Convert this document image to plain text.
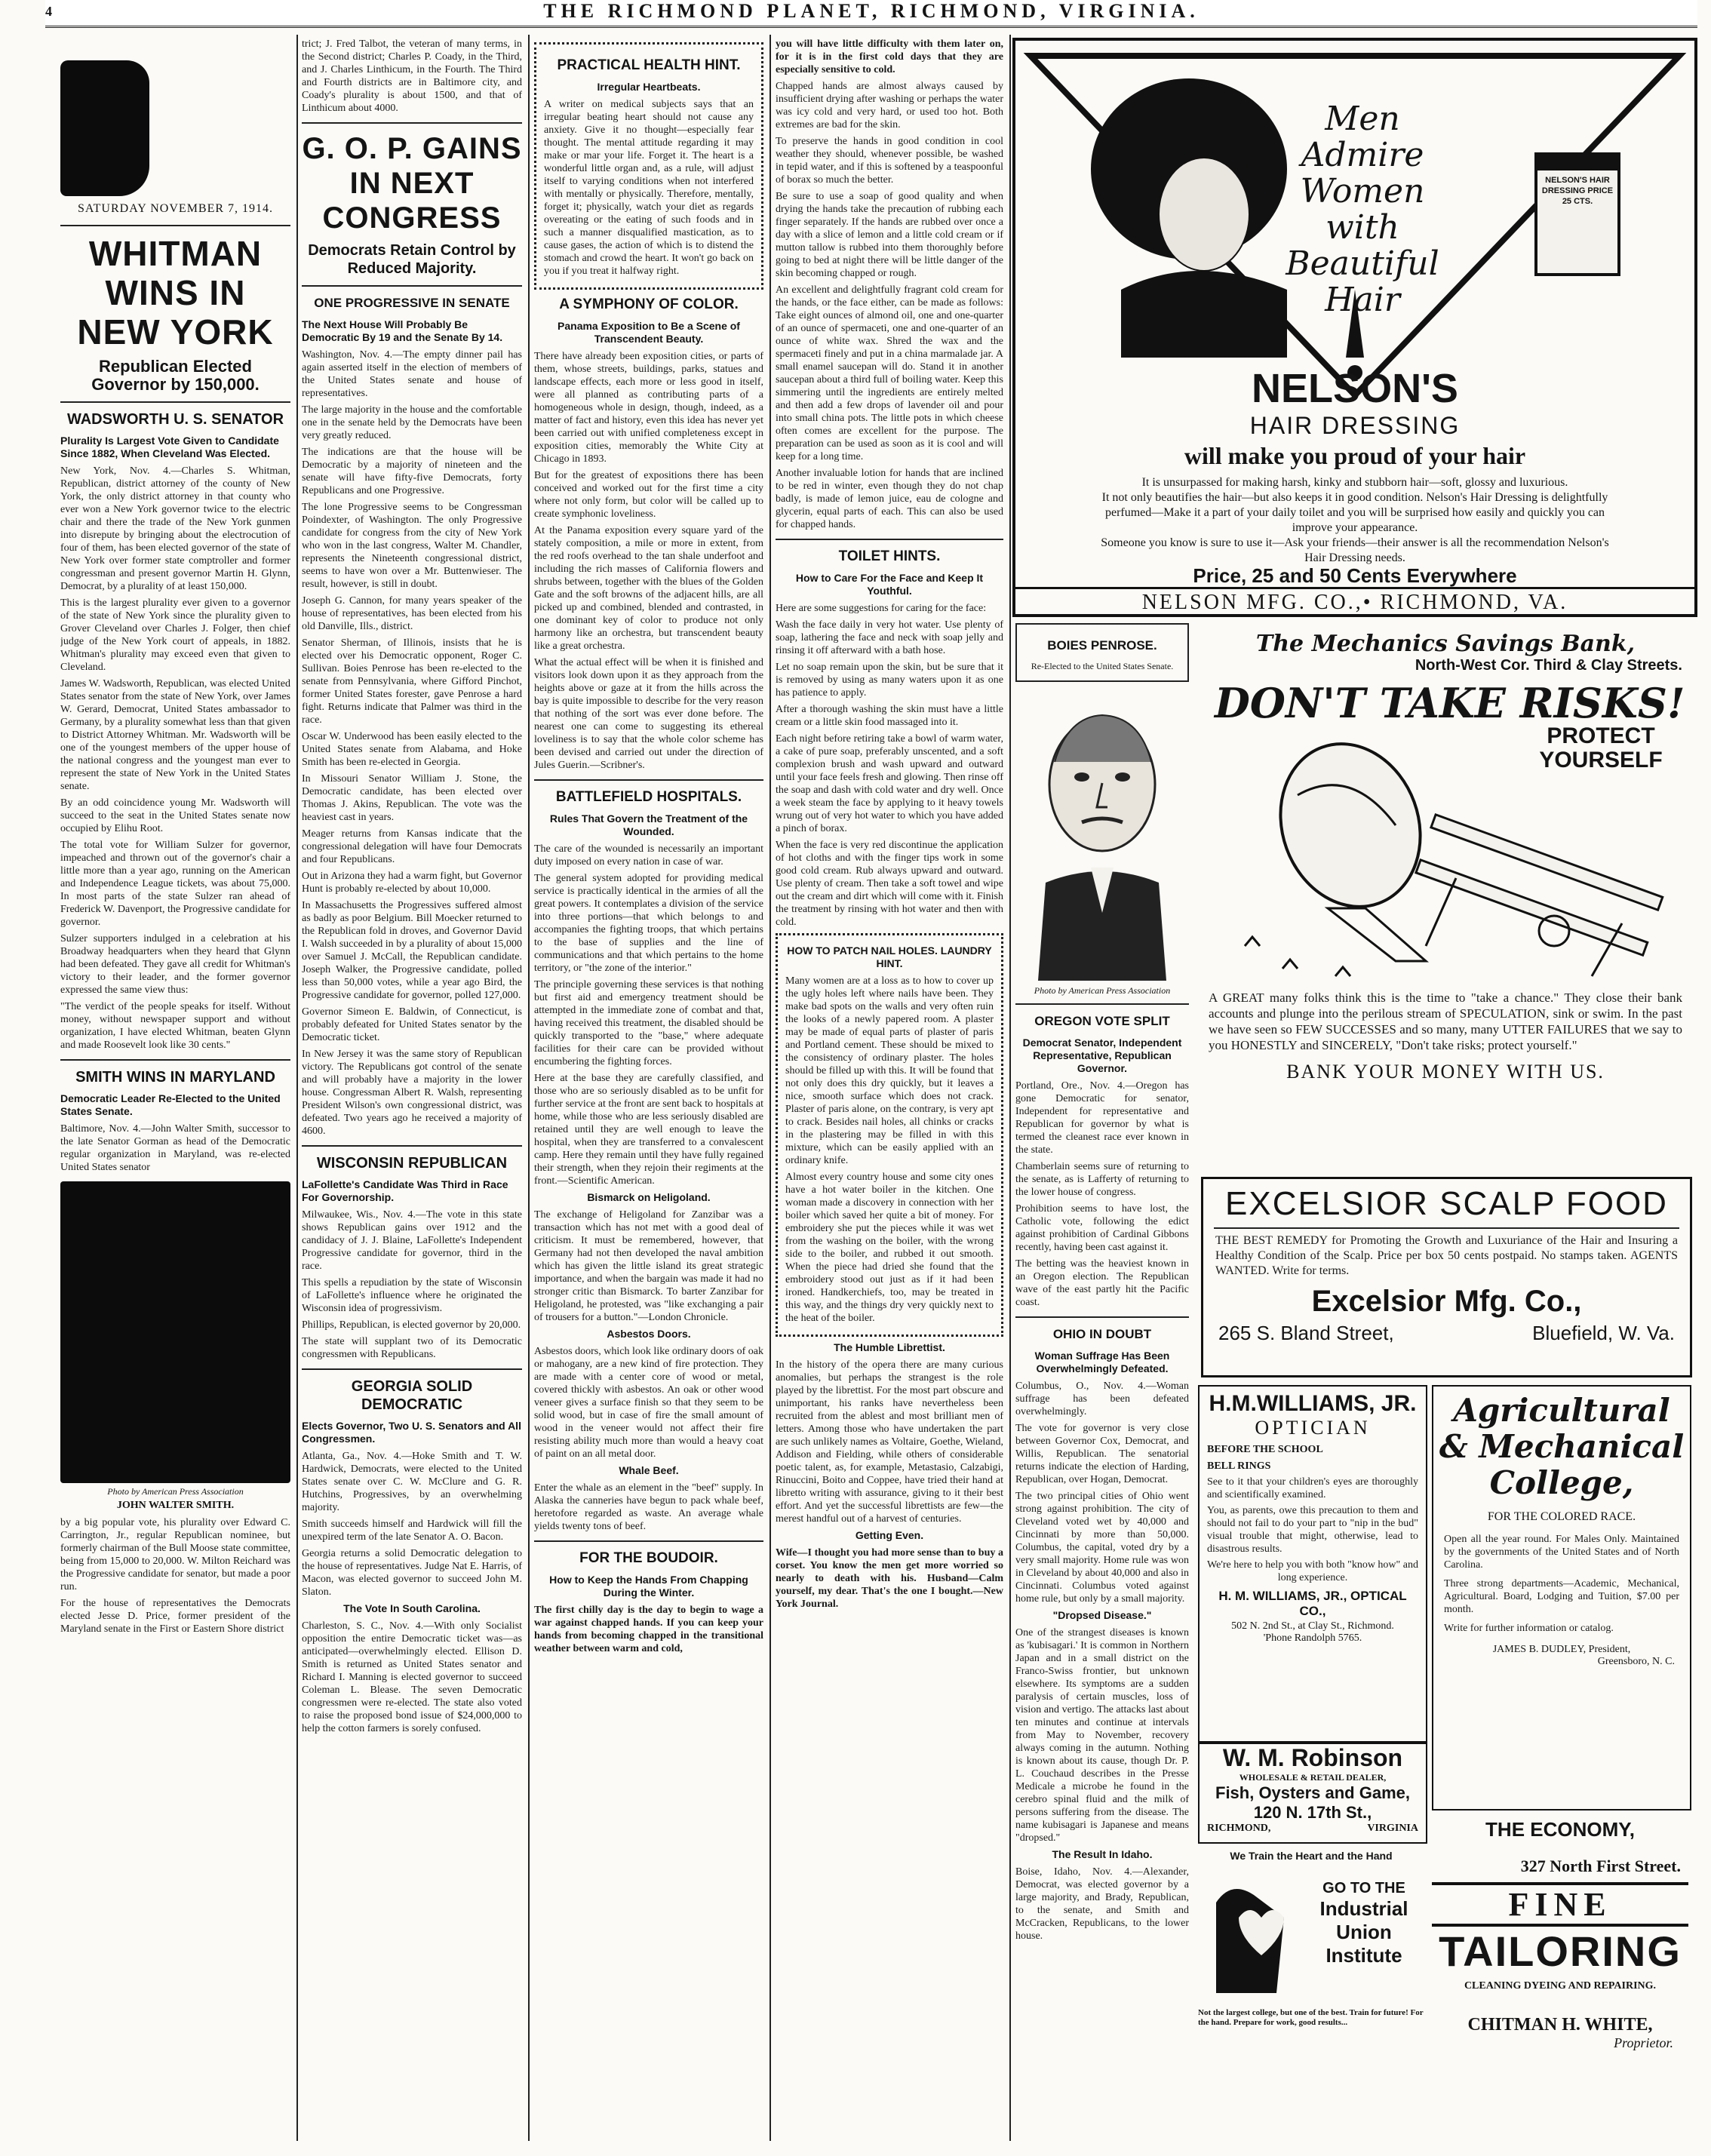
4	THE RICHMOND PLANET, RICHMOND, VIRGINIA.
SATURDAY NOVEMBER 7, 1914.
WHITMAN WINS IN NEW YORK
Republican Elected Governor by 150,000.
WADSWORTH U. S. SENATOR
Plurality Is Largest Vote Given to Candidate Since 1882, When Cleveland Was Elected.

New York, Nov. 4.—Charles S. Whitman, Republican, district attorney of the county of New York, the only district attorney in that county who ever won a New York governor twice to the electric chair and there the trade of the New York gunmen into disrepute by bringing about the electrocution of four of them, has been elected governor of the state of New York over former state comptroller and former congressman and present governor Martin H. Glynn, Democrat, by a plurality of at least 150,000.

This is the largest plurality ever given to a governor of the state of New York since the plurality given to Grover Cleveland over Charles J. Folger, then chief judge of the New York court of appeals, in 1882. Whitman's plurality may exceed even that given to Cleveland.

James W. Wadsworth, Republican, was elected United States senator from the state of New York, over James W. Gerard, Democrat, United States ambassador to Germany, by a plurality somewhat less than that given to District Attorney Whitman. Mr. Wadsworth will be one of the youngest members of the upper house of the national congress and the youngest man ever to represent the state of New York in the United States senate.

By an odd coincidence young Mr. Wadsworth will succeed to the seat in the United States senate now occupied by Elihu Root.

The total vote for William Sulzer for governor, impeached and thrown out of the governor's chair a little more than a year ago, running on the American and Independence League tickets, was about 75,000. In most parts of the state Sulzer ran ahead of Frederick W. Davenport, the Progressive candidate for governor.

Sulzer supporters indulged in a celebration at his Broadway headquarters when they heard that Glynn had been defeated. They gave all credit for Whitman's victory to their leader, and the former governor expressed the same view thus:

"The verdict of the people speaks for itself. Without money, without newspaper support and without organization, I have elected Whitman, beaten Glynn and made Roosevelt look like 30 cents."

SMITH WINS IN MARYLAND
Democratic Leader Re-Elected to the United States Senate.

Baltimore, Nov. 4.—John Walter Smith, successor to the late Senator Gorman as head of the Democratic regular organization in Maryland, was re-elected United States senator

Photo by American Press Association
JOHN WALTER SMITH.

by a big popular vote, his plurality over Edward C. Carrington, Jr., regular Republican nominee, but formerly chairman of the Bull Moose state committee, being from 15,000 to 20,000. W. Milton Reichard was the Progressive candidate for senator, but made a poor run.

For the house of representatives the Democrats elected Jesse D. Price, former president of the Maryland senate in the First or Eastern Shore district

trict; J. Fred Talbot, the veteran of many terms, in the Second district; Charles P. Coady, in the Third, and J. Charles Linthicum, in the Fourth. The Third and Fourth districts are in Baltimore city, and Coady's plurality is about 1500, and that of Linthicum about 4000.

G. O. P. GAINS IN NEXT CONGRESS
Democrats Retain Control by Reduced Majority.
ONE PROGRESSIVE IN SENATE
The Next House Will Probably Be Democratic By 19 and the Senate By 14.

Washington, Nov. 4.—The empty dinner pail has again asserted itself in the election of members of the United States senate and house of representatives.

The large majority in the house and the comfortable one in the senate held by the Democrats have been very greatly reduced.

The indications are that the house will be Democratic by a majority of nineteen and the senate will have fifty-five Democrats, forty Republicans and one Progressive.

The lone Progressive seems to be Congressman Poindexter, of Washington. The only Progressive candidate for congress from the city of New York who won in the last congress, Walter M. Chandler, represents the Nineteenth congressional district, seems to have won over a Mr. Buttenwieser. The result, however, is still in doubt.

Joseph G. Cannon, for many years speaker of the house of representatives, has been elected from his old Danville, Ills., district.

Senator Sherman, of Illinois, insists that he is elected over his Democratic opponent, Roger C. Sullivan. Boies Penrose has been re-elected to the senate from Pennsylvania, where Gifford Pinchot, former United States forester, gave Penrose a hard fight. Returns indicate that Palmer was third in the race.

Oscar W. Underwood has been easily elected to the United States senate from Alabama, and Hoke Smith has been re-elected in Georgia.

In Missouri Senator William J. Stone, the Democratic candidate, has been elected over Thomas J. Akins, Republican. The vote was the heaviest cast in years.

Meager returns from Kansas indicate that the congressional delegation will have four Democrats and four Republicans.

Out in Arizona they had a warm fight, but Governor Hunt is probably re-elected by about 10,000.

In Massachusetts the Progressives suffered almost as badly as poor Belgium. Bill Moecker returned to the Republican fold in droves, and Governor David I. Walsh succeeded in by a plurality of about 15,000 over Samuel J. McCall, the Republican candidate. Joseph Walker, the Progressive candidate, polled less than 50,000 votes, while a year ago Bird, the Progressive candidate for governor, polled 127,000.

Governor Simeon E. Baldwin, of Connecticut, is probably defeated for United States senator by the Democratic ticket.

In New Jersey it was the same story of Republican victory. The Republicans got control of the senate and will probably have a majority in the lower house. Congressman Albert R. Walsh, representing President Wilson's own congressional district, was defeated. Two years ago he received a majority of 4600.

WISCONSIN REPUBLICAN
LaFollette's Candidate Was Third in Race For Governorship.

Milwaukee, Wis., Nov. 4.—The vote in this state shows Republican gains over 1912 and the candidacy of J. J. Blaine, LaFollette's Independent Progressive candidate for governor, third in the race.

This spells a repudiation by the state of Wisconsin of LaFollette's influence where he originated the Wisconsin idea of progressivism.

Phillips, Republican, is elected governor by 20,000.

The state will supplant two of its Democratic congressmen with Republicans.

GEORGIA SOLID DEMOCRATIC
Elects Governor, Two U. S. Senators and All Congressmen.

Atlanta, Ga., Nov. 4.—Hoke Smith and T. W. Hardwick, Democrats, were elected to the United States senate over C. W. McClure and G. R. Hutchins, Progressives, by an overwhelming majority.

Smith succeeds himself and Hardwick will fill the unexpired term of the late Senator A. O. Bacon.

Georgia returns a solid Democratic delegation to the house of representatives. Judge Nat E. Harris, of Macon, was elected governor to succeed John M. Slaton.

The Vote In South Carolina.

Charleston, S. C., Nov. 4.—With only Socialist opposition the entire Democratic ticket was—as anticipated—overwhelmingly elected. Ellison D. Smith is returned as United States senator and Richard I. Manning is elected governor to succeed Coleman L. Blease. The seven Democratic congressmen were re-elected. The state also voted to raise the proposed bond issue of $24,000,000 to help the cotton farmers is sorely confused.

PRACTICAL HEALTH HINT.
Irregular Heartbeats.

A writer on medical subjects says that an irregular beating heart should not cause any anxiety. Give it no thought—especially fear thought. The mental attitude regarding it may make or mar your life. Forget it. The heart is a wonderful little organ and, as a rule, will adjust itself to varying conditions when not interfered with mentally or physically. Therefore, mentally, forget it; physically, watch your diet as regards overeating or the eating of such foods and in such a manner disqualified mastication, as to cause gases, the action of which is to distend the stomach and crowd the heart. It won't go back on you if you treat it halfway right.

A SYMPHONY OF COLOR.
Panama Exposition to Be a Scene of Transcendent Beauty.

There have already been exposition cities, or parts of them, whose streets, buildings, parks, statues and landscape effects, each more or less good in itself, were all planned as contributing parts of a homogeneous whole in design, though, indeed, as a matter of fact and history, even this idea has never yet been carried out with unified completeness except in exposition cities, memorably the White City at Chicago in 1893.

But for the greatest of expositions there has been conceived and worked out for the first time a city where not only form, but color will be called up to create symphonic loveliness.

At the Panama exposition every square yard of the stately composition, a mile or more in extent, from the red roofs overhead to the tan shale underfoot and including the rich masses of California flowers and shrubs between, together with the blues of the Golden Gate and the soft browns of the adjacent hills, are all picked up and combined, blended and contrasted, in one dominant key of color to produce not only harmony like an orchestra, but transcendent beauty like a great orchestra.

What the actual effect will be when it is finished and visitors look down upon it as they approach from the heights above or gaze at it from the hills across the bay is quite impossible to describe for the very reason that nothing of the sort was ever done before. The nearest one can come to suggesting its ethereal loveliness is to say that the whole color scheme has been devised and carried out under the direction of Jules Guerin.—Scribner's.

BATTLEFIELD HOSPITALS.
Rules That Govern the Treatment of the Wounded.

The care of the wounded is necessarily an important duty imposed on every nation in case of war.

The general system adopted for providing medical service is practically identical in the armies of all the great powers. It contemplates a division of the service into three portions—that which belongs to and accompanies the fighting troops, that which pertains to the base of supplies and the line of communications and that which pertains to the home territory, or "the zone of the interior."

The principle governing these services is that nothing but first aid and emergency treatment should be attempted in the immediate zone of combat and that, having received this treatment, the disabled should be quickly transported to the "base," where adequate facilities for their care can be provided without encumbering the fighting forces.

Here at the base they are carefully classified, and those who are so seriously disabled as to be unfit for further service at the front are sent back to hospitals at home, while those who are less seriously disabled are retained until they are well enough to leave the hospital, when they are transferred to a convalescent camp. Here they remain until they have fully regained their strength, when they rejoin their regiments at the front.—Scientific American.

Bismarck on Heligoland.

The exchange of Heligoland for Zanzibar was a transaction which has not met with a good deal of criticism. It must be remembered, however, that Germany had not then developed the naval ambition which has given the little island its great strategic importance, and when the bargain was made it had no stronger critic than Bismarck. To barter Zanzibar for Heligoland, he protested, was "like exchanging a pair of trousers for a button."—London Chronicle.

Asbestos Doors.

Asbestos doors, which look like ordinary doors of oak or mahogany, are a new kind of fire protection. They are made with a center core of wood or metal, covered thickly with asbestos. An oak or other wood veneer gives a surface finish so that they seem to be solid wood, but in case of fire the small amount of wood in the veneer would not affect their fire resisting ability much more than would a heavy coat of paint on an all metal door.

Whale Beef.

Enter the whale as an element in the "beef" supply. In Alaska the canneries have begun to pack whale beef, heretofore regarded as waste. An average whale yields twenty tons of beef.

FOR THE BOUDOIR.
How to Keep the Hands From Chapping During the Winter.

The first chilly day is the day to begin to wage a war against chapped hands. If you can keep your hands from becoming chapped in the transitional weather between warm and cold,

you will have little difficulty with them later on, for it is in the first cold days that they are especially sensitive to cold.

Chapped hands are almost always caused by insufficient drying after washing or perhaps the water was icy cold and very hard, or used too hot. Both extremes are bad for the skin.

To preserve the hands in good condition in cool weather they should, whenever possible, be washed in tepid water, and if this is softened by a teaspoonful of borax so much the better.

Be sure to use a soap of good quality and when drying the hands take the precaution of rubbing each finger separately. If the hands are rubbed over once a day with a slice of lemon and a little cold cream or if mutton tallow is rubbed into them thoroughly before going to bed at night there will be little danger of the skin becoming chapped or rough.

An excellent and delightfully fragrant cold cream for the hands, or the face either, can be made as follows: Take eight ounces of almond oil, one and one-quarter of an ounce of spermaceti, one and one-quarter of an ounce of white wax. Shred the wax and the spermaceti finely and put in a china marmalade jar. A small enamel saucepan will do. Stand it in another saucepan about a third full of boiling water. Keep this simmering until the ingredients are entirely melted and then add a few drops of lavender oil and pour into small china pots. The little pots in which cheese often comes are excellent for the purpose. The preparation can be used as soon as it is cool and will keep for a long time.

Another invaluable lotion for hands that are inclined to be red in winter, even though they do not chap badly, is made of lemon juice, eau de cologne and glycerin, equal parts of each. This can also be used for chapped hands.

TOILET HINTS.
How to Care For the Face and Keep It Youthful.

Here are some suggestions for caring for the face:

Wash the face daily in very hot water. Use plenty of soap, lathering the face and neck with soap jelly and rinsing it off afterward with a bath hose.

Let no soap remain upon the skin, but be sure that it is removed by using as many waters upon it as one has patience to apply.

After a thorough washing the skin must have a little cream or a little skin food massaged into it.

Each night before retiring take a bowl of warm water, a cake of pure soap, preferably unscented, and a soft complexion brush and wash upward and outward until your face feels fresh and glowing. Then rinse off the soap and dash with cold water and dry well. Once a week steam the face by applying to it heavy towels wrung out of very hot water to which you have added a pinch of borax.

When the face is very red discontinue the application of hot cloths and with the finger tips work in some good cold cream. Rub always upward and outward. Use plenty of cream. Then take a soft towel and wipe out the cream and dirt which will come with it. Finish the treatment by rinsing with hot water and then with cold.

HOW TO PATCH NAIL HOLES. LAUNDRY HINT.

Many women are at a loss as to how to cover up the ugly holes left where nails have been. They make bad spots on the walls and very often ruin the looks of a newly papered room. A plaster may be made of equal parts of plaster of paris and Portland cement. These should be mixed to the consistency of ordinary plaster. The holes should be filled up with this. It will be found that not only does this dry quickly, but it leaves a nice, smooth surface which does not crack. Plaster of paris alone, on the contrary, is very apt to crack. Besides nail holes, all chinks or cracks in the plastering may be filled in with this mixture, which can be easily applied with an ordinary knife.

Almost every country house and some city ones have a hot water boiler in the kitchen. One woman made a discovery in connection with her boiler which saved her quite a bit of money. For embroidery she put the pieces while it was wet from the washing on the boiler, with the wrong side to the boiler, and rubbed it out smooth. When the piece had dried she found that the embroidery stood out just as if it had been ironed. Handkerchiefs, too, may be treated in this way, and the things dry very quickly next to the heat of the boiler.

The Humble Librettist.

In the history of the opera there are many curious anomalies, but perhaps the strangest is the role played by the librettist. For the most part obscure and unimportant, his ranks have nevertheless been recruited from the ablest and most brilliant men of letters. Among those who have undertaken the part are such unlikely names as Voltaire, Goethe, Wieland, Addison and Fielding, while others of considerable poetic talent, as, for example, Metastasio, Calzabigi, Rinuccini, Boito and Coppee, have tried their hand at libretto writing with assurance, giving to it their best effort. And yet the successful librettists are few—the merest handful out of a harvest of centuries.

Getting Even.

Wife—I thought you had more sense than to buy a corset. You know the men get more worried so nearly to death with his. Husband—Calm yourself, my dear. That's the one I bought.—New York Journal.

BOIES PENROSE.
Re-Elected to the United States Senate.
Photo by American Press Association
OREGON VOTE SPLIT
Democrat Senator, Independent Representative, Republican Governor.

Portland, Ore., Nov. 4.—Oregon has gone Democratic for senator, Independent for representative and Republican for governor by what is termed the cleanest race ever known in the state.

Chamberlain seems sure of returning to the senate, as is Lafferty of returning to the lower house of congress.

Prohibition seems to have lost, the Catholic vote, following the edict against prohibition of Cardinal Gibbons recently, having been cast against it.

The betting was the heaviest known in an Oregon election. The Republican wave of the east partly hit the Pacific coast.

OHIO IN DOUBT
Woman Suffrage Has Been Overwhelmingly Defeated.

Columbus, O., Nov. 4.—Woman suffrage has been defeated overwhelmingly.

The vote for governor is very close between Governor Cox, Democrat, and Willis, Republican. The senatorial returns indicate the election of Harding, Republican, over Hogan, Democrat.

The two principal cities of Ohio went strong against prohibition. The city of Cleveland voted wet by 40,000 and Cincinnati by more than 50,000. Columbus, the capital, voted dry by a very small majority. Home rule was won in Cleveland by about 40,000 and also in Cincinnati. Columbus voted against home rule, but only by a small majority.

"Dropsed Disease."

One of the strangest diseases is known as 'kubisagari.' It is common in Northern Japan and in a small district on the Franco-Swiss frontier, but unknown elsewhere. Its symptoms are a sudden paralysis of certain muscles, loss of vision and vertigo. The attacks last about ten minutes and continue at intervals from May to November, recovery always coming in the autumn. Nothing is known about its cause, though Dr. P. L. Couchaud describes in the Presse Medicale a microbe he found in the cerebro spinal fluid and the milk of persons suffering from the disease. The name kubisagari is Japanese and means "dropsed."

The Result In Idaho.

Boise, Idaho, Nov. 4.—Alexander, Democrat, was elected governor by a large majority, and Brady, Republican, to the senate, and Smith and McCracken, Republicans, to the lower house.

Men Admire
Women
with
Beautiful
Hair
NELSON'S HAIR DRESSING PRICE 25 CTS.
NELSON'S
HAIR DRESSING
will make you proud of your hair
It is unsurpassed for making harsh, kinky and stubborn hair—soft, glossy and luxurious.
It not only beautifies the hair—but also keeps it in good condition. Nelson's Hair Dressing is delightfully perfumed—Make it a part of your daily toilet and you will be surprised how easily and quickly you can improve your appearance.
Someone you know is sure to use it—Ask your friends—their answer is all the recommendation Nelson's Hair Dressing needs.
Price, 25 and 50 Cents Everywhere
NELSON MFG. CO.,• RICHMOND, VA.
The Mechanics Savings Bank,
North-West Cor. Third & Clay Streets.
DON'T TAKE RISKS!
PROTECT YOURSELF

A GREAT many folks think this is the time to "take a chance." They close their bank accounts and plunge into the perilous stream of SPECULATION, sink or swim. In the past we have seen so FEW SUCCESSES and so many, many UTTER FAILURES that we say to you HONESTLY and SINCERELY, "Don't take risks; protect yourself."

BANK YOUR MONEY WITH US.
EXCELSIOR SCALP FOOD

THE BEST REMEDY for Promoting the Growth and Luxuriance of the Hair and Insuring a Healthy Condition of the Scalp. Price per box 50 cents postpaid. No stamps taken. AGENTS WANTED. Write for terms.

Excelsior Mfg. Co.,
265 S. Bland Street,	Bluefield, W. Va.
H.M.WILLIAMS, JR.
OPTICIAN
BEFORE THE SCHOOL
BELL RINGS

See to it that your children's eyes are thoroughly and scientifically examined.

You, as parents, owe this precaution to them and should not fail to do your part to "nip in the bud" visual trouble that might, otherwise, lead to disastrous results.

We're here to help you with both "know how" and long experience.

H. M. WILLIAMS, JR., OPTICAL CO.,
502 N. 2nd St., at Clay St., Richmond.
'Phone Randolph 5765.
W. M. Robinson
WHOLESALE & RETAIL DEALER,
Fish, Oysters and Game,
120 N. 17th St.,
RICHMOND,	VIRGINIA
We Train the Heart and the Hand
GO TO THE
Industrial
Union
Institute
Not the largest college, but one of the best. Train for future! For the hand. Prepare for work, good results...
Agricultural
& Mechanical
College,
FOR THE COLORED RACE.

Open all the year round. For Males Only. Maintained by the governments of the United States and of North Carolina.

Three strong departments—Academic, Mechanical, Agricultural. Board, Lodging and Tuition, $7.00 per month.

Write for further information or catalog.

JAMES B. DUDLEY, President,
Greensboro, N. C.
THE ECONOMY,
327 North First Street.
FINE
TAILORING
CLEANING DYEING AND REPAIRING.
CHITMAN H. WHITE,
Proprietor.
